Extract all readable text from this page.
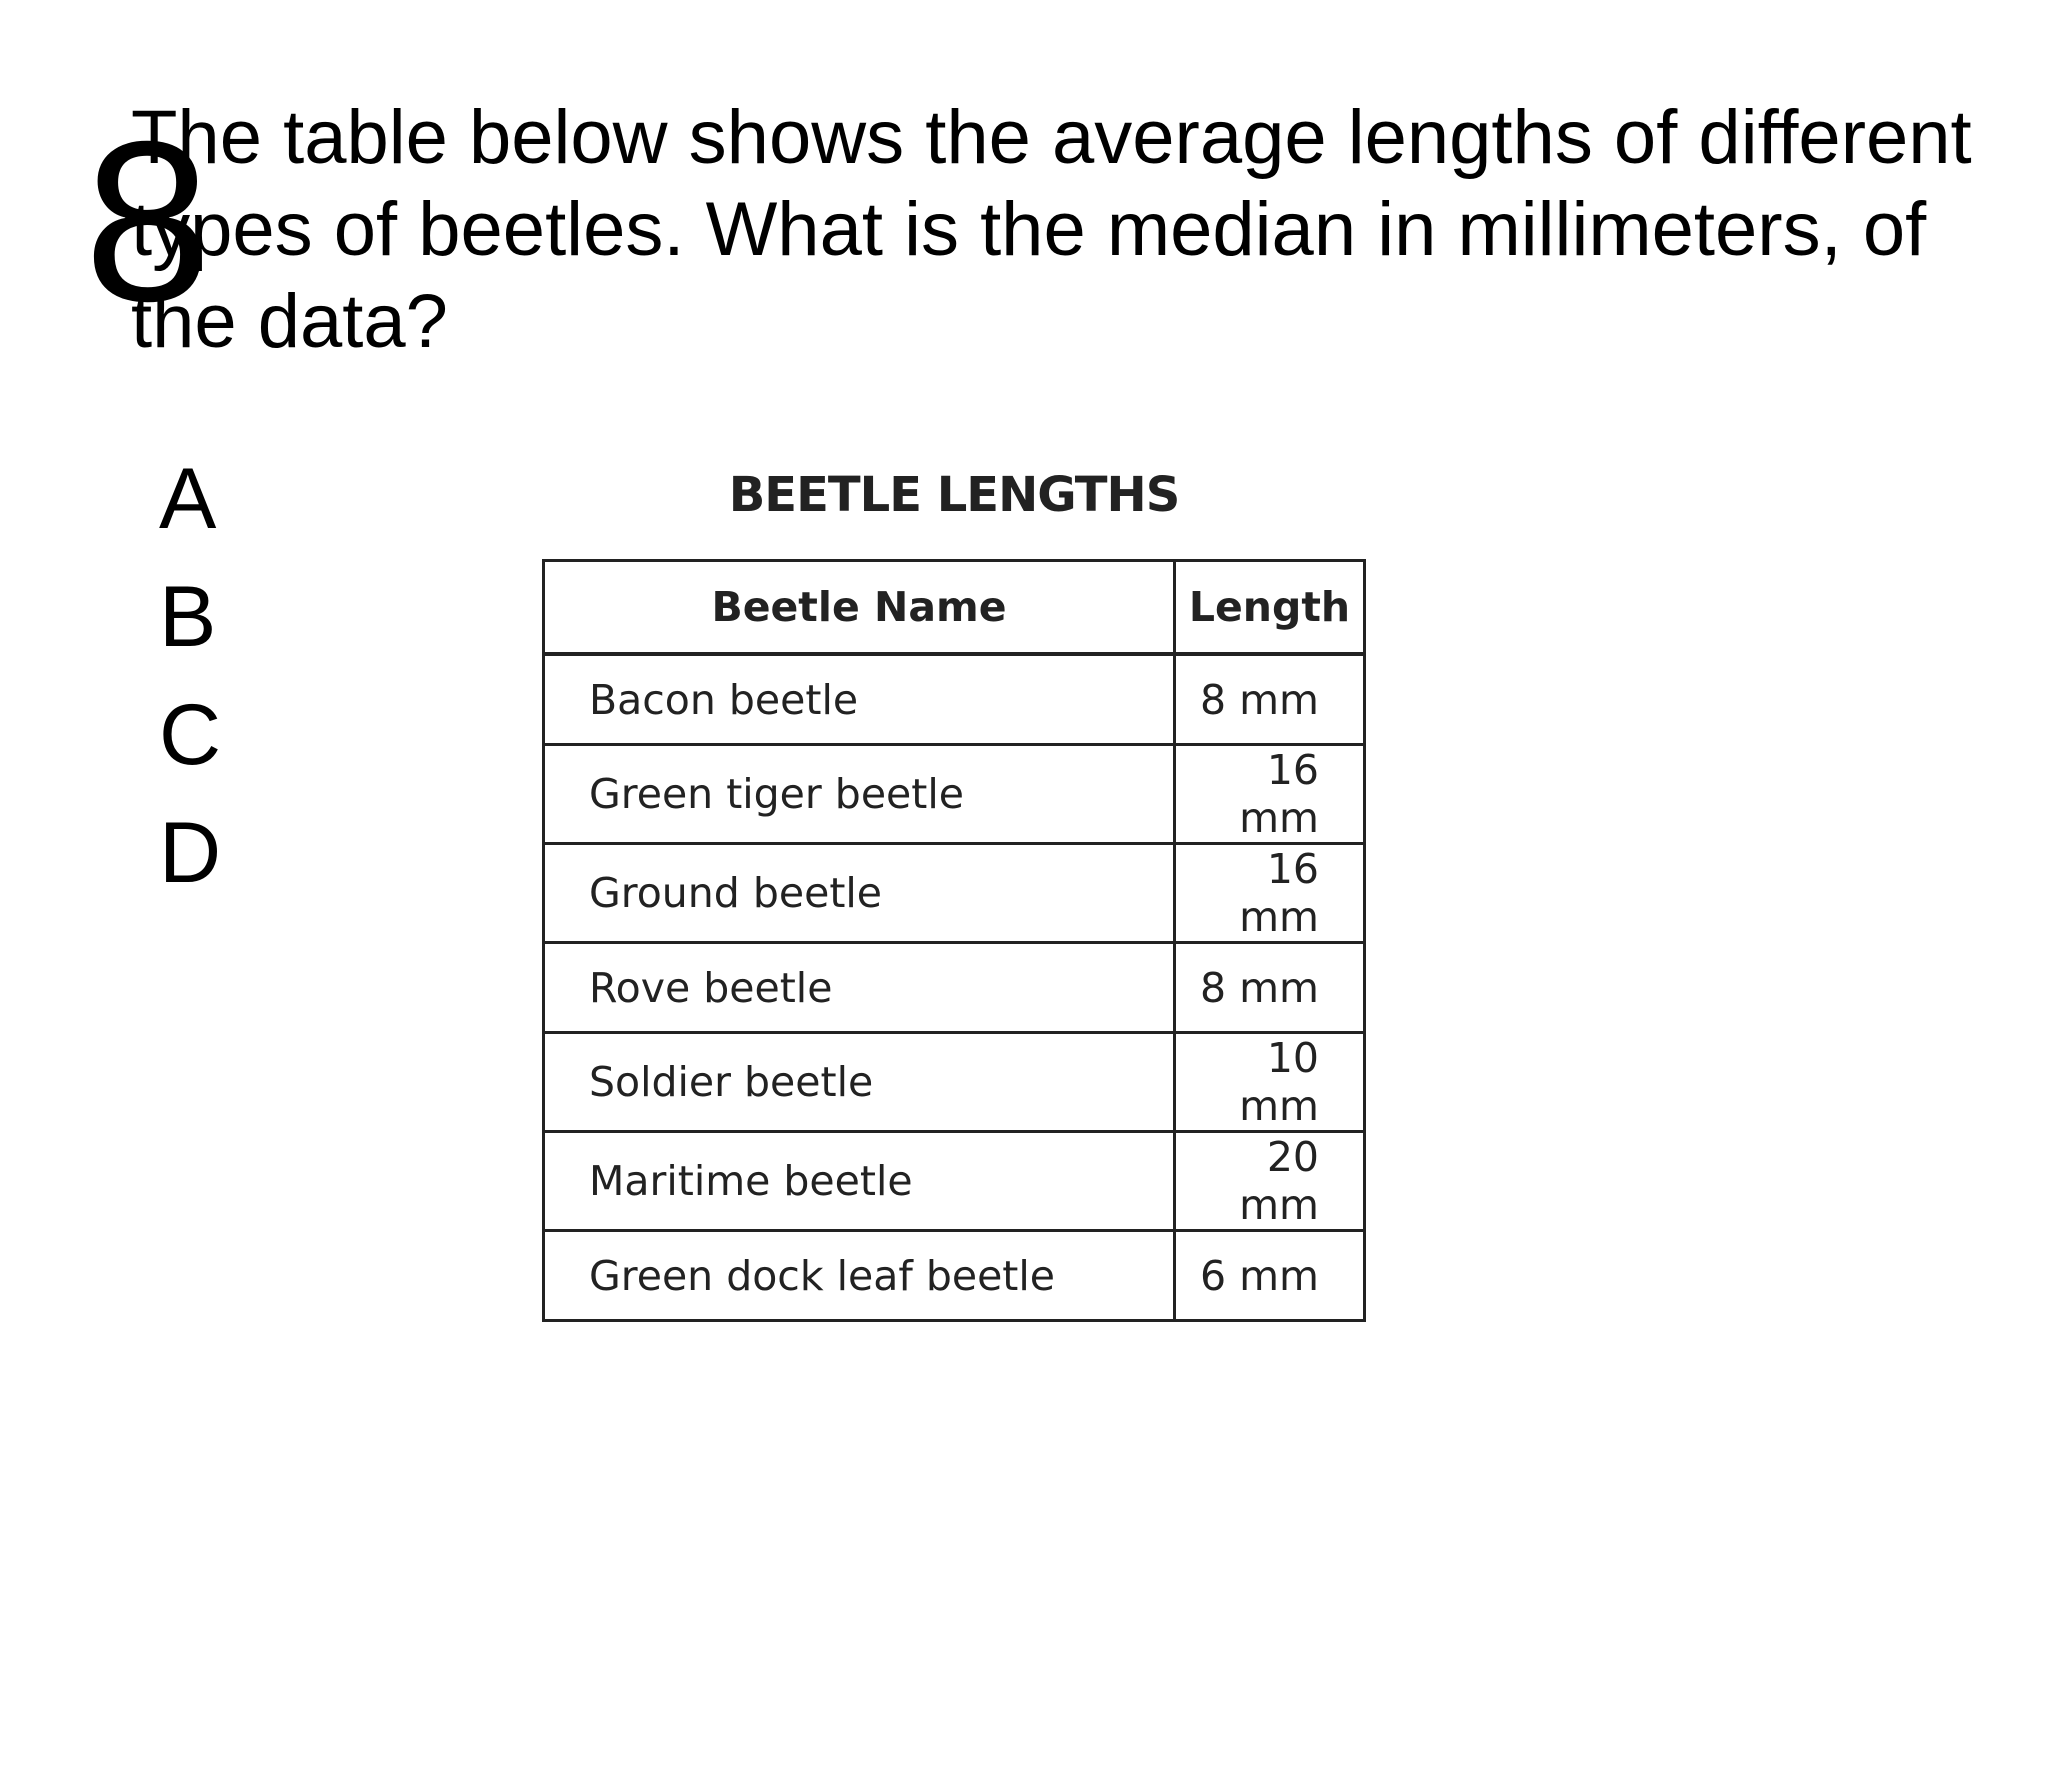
8

The table below shows the average lengths of different types of beetles. What is the median in millimeters, of the data?

A
B
C
D
BEETLE LENGTHS
Beetle Name	Length
Bacon beetle	8 mm
Green tiger beetle	16 mm
Ground beetle	16 mm
Rove beetle	8 mm
Soldier beetle	10 mm
Maritime beetle	20 mm
Green dock leaf beetle	6 mm
